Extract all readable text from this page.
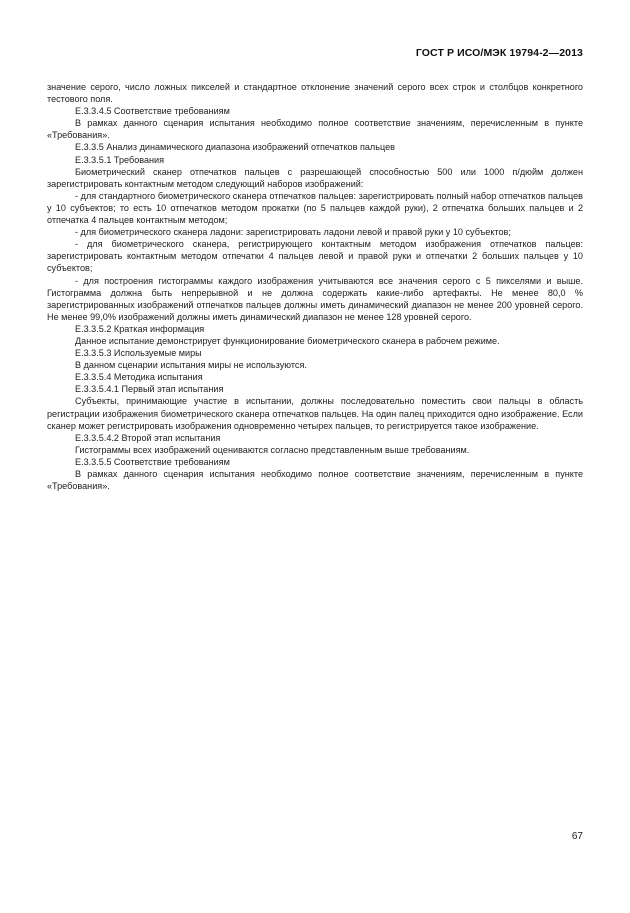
ГОСТ Р ИСО/МЭК 19794-2—2013

значение серого, число ложных пикселей и стандартное отклонение значений серого всех строк и столбцов конкретного тестового поля.

Е.3.3.4.5 Соответствие требованиям

В рамках данного сценария испытания необходимо полное соответствие значениям, перечисленным в пункте «Требования».

Е.3.3.5 Анализ динамического диапазона изображений отпечатков пальцев

Е.3.3.5.1 Требования

Биометрический сканер отпечатков пальцев с разрешающей способностью 500 или 1000 п/дюйм должен зарегистрировать контактным методом следующий наборов изображений:

- для стандартного биометрического сканера отпечатков пальцев: зарегистрировать полный набор отпечатков пальцев у 10 субъектов; то есть 10 отпечатков методом прокатки (по 5 пальцев каждой руки), 2 отпечатка больших пальцев и 2 отпечатка 4 пальцев контактным методом;

- для биометрического сканера ладони: зарегистрировать ладони левой и правой руки у 10 субъектов;

- для биометрического сканера, регистрирующего контактным методом изображения отпечатков пальцев: зарегистрировать контактным методом отпечатки 4 пальцев левой и правой руки и отпечатки 2 больших пальцев у 10 субъектов;

- для построения гистограммы каждого изображения учитываются все значения серого с 5 пикселями и выше. Гистограмма должна быть непрерывной и не должна содержать какие-либо артефакты. Не менее 80,0 % зарегистрированных изображений отпечатков пальцев должны иметь динамический диапазон не менее 200 уровней серого. Не менее 99,0% изображений должны иметь динамический диапазон не менее 128 уровней серого.

Е.3.3.5.2 Краткая информация

Данное испытание демонстрирует функционирование биометрического сканера в рабочем режиме.

Е.3.3.5.3 Используемые миры

В данном сценарии испытания миры не используются.

Е.3.3.5.4 Методика испытания

Е.3.3.5.4.1 Первый этап испытания

Субъекты, принимающие участие в испытании, должны последовательно поместить свои пальцы в область регистрации изображения биометрического сканера отпечатков пальцев. На один палец приходится одно изображение. Если сканер может регистрировать изображения одновременно четырех пальцев, то регистрируется такое изображение.

Е.3.3.5.4.2 Второй этап испытания

Гистограммы всех изображений оцениваются согласно представленным выше требованиям.

Е.3.3.5.5 Соответствие требованиям

В рамках данного сценария испытания необходимо полное соответствие значениям, перечисленным в пункте «Требования».

67
